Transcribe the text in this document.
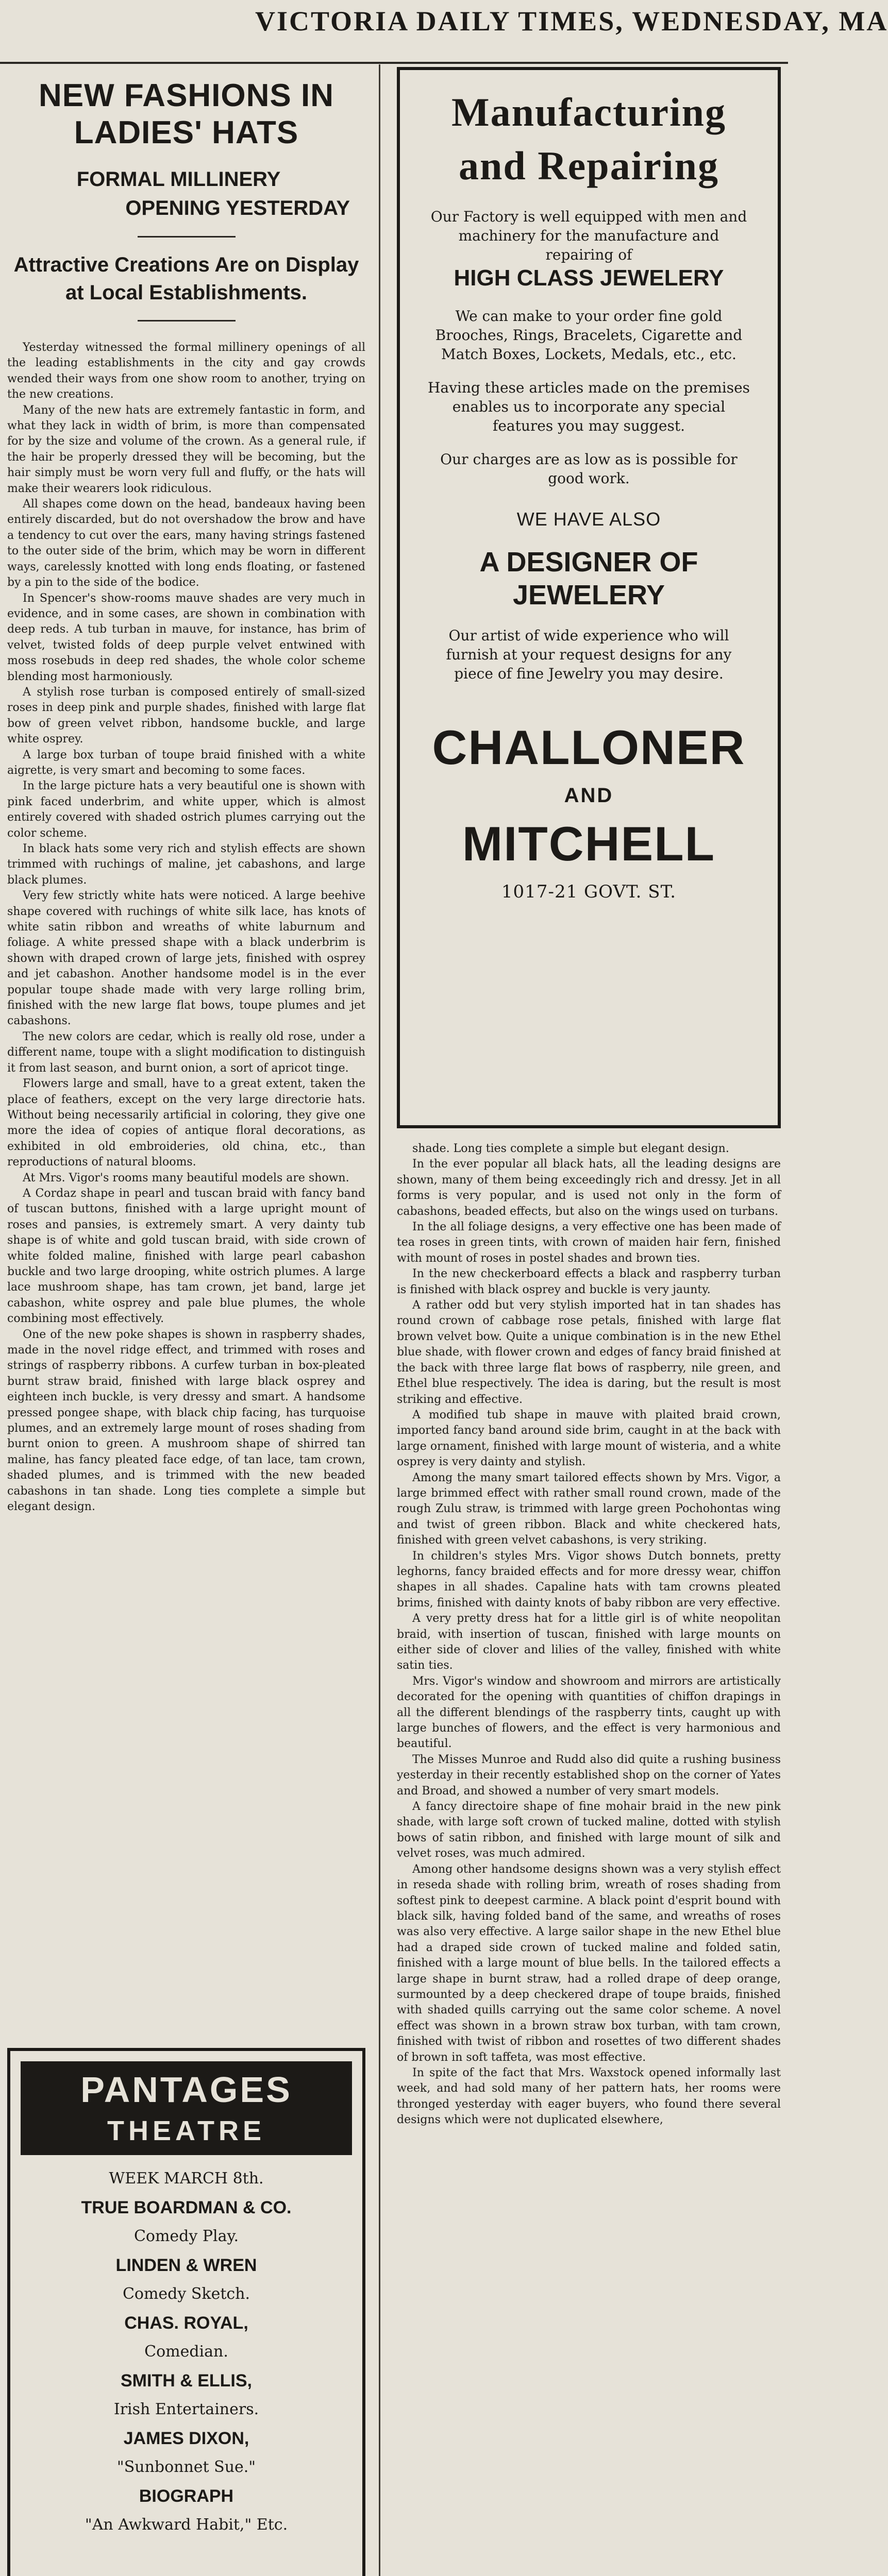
VICTORIA DAILY TIMES, WEDNESDAY, MA
NEW FASHIONS IN LADIES' HATS
FORMAL MILLINERY
OPENING YESTERDAY
Attractive Creations Are on Display at Local Establishments.

Yesterday witnessed the formal millinery openings of all the leading establishments in the city and gay crowds wended their ways from one show room to another, trying on the new creations.

Many of the new hats are extremely fantastic in form, and what they lack in width of brim, is more than compensated for by the size and volume of the crown. As a general rule, if the hair be properly dressed they will be becoming, but the hair simply must be worn very full and fluffy, or the hats will make their wearers look ridiculous.

All shapes come down on the head, bandeaux having been entirely discarded, but do not overshadow the brow and have a tendency to cut over the ears, many having strings fastened to the outer side of the brim, which may be worn in different ways, carelessly knotted with long ends floating, or fastened by a pin to the side of the bodice.

In Spencer's show-rooms mauve shades are very much in evidence, and in some cases, are shown in combination with deep reds. A tub turban in mauve, for instance, has brim of velvet, twisted folds of deep purple velvet entwined with moss rosebuds in deep red shades, the whole color scheme blending most harmoniously.

A stylish rose turban is composed entirely of small-sized roses in deep pink and purple shades, finished with large flat bow of green velvet ribbon, handsome buckle, and large white osprey.

A large box turban of toupe braid finished with a white aigrette, is very smart and becoming to some faces.

In the large picture hats a very beautiful one is shown with pink faced underbrim, and white upper, which is almost entirely covered with shaded ostrich plumes carrying out the color scheme.

In black hats some very rich and stylish effects are shown trimmed with ruchings of maline, jet cabashons, and large black plumes.

Very few strictly white hats were noticed. A large beehive shape covered with ruchings of white silk lace, has knots of white satin ribbon and wreaths of white laburnum and foliage. A white pressed shape with a black underbrim is shown with draped crown of large jets, finished with osprey and jet cabashon. Another handsome model is in the ever popular toupe shade made with very large rolling brim, finished with the new large flat bows, toupe plumes and jet cabashons.

The new colors are cedar, which is really old rose, under a different name, toupe with a slight modification to distinguish it from last season, and burnt onion, a sort of apricot tinge.

Flowers large and small, have to a great extent, taken the place of feathers, except on the very large directorie hats. Without being necessarily artificial in coloring, they give one more the idea of copies of antique floral decorations, as exhibited in old embroideries, old china, etc., than reproductions of natural blooms.

At Mrs. Vigor's rooms many beautiful models are shown.

A Cordaz shape in pearl and tuscan braid with fancy band of tuscan buttons, finished with a large upright mount of roses and pansies, is extremely smart. A very dainty tub shape is of white and gold tuscan braid, with side crown of white folded maline, finished with large pearl cabashon buckle and two large drooping, white ostrich plumes. A large lace mushroom shape, has tam crown, jet band, large jet cabashon, white osprey and pale blue plumes, the whole combining most effectively.

One of the new poke shapes is shown in raspberry shades, made in the novel ridge effect, and trimmed with roses and strings of raspberry ribbons. A curfew turban in box-pleated burnt straw braid, finished with large black osprey and eighteen inch buckle, is very dressy and smart. A handsome pressed pongee shape, with black chip facing, has turquoise plumes, and an extremely large mount of roses shading from burnt onion to green. A mushroom shape of shirred tan maline, has fancy pleated face edge, of tan lace, tam crown, shaded plumes, and is trimmed with the new beaded cabashons in tan shade. Long ties complete a simple but elegant design.

PANTAGES
THEATRE
WEEK MARCH 8th.
TRUE BOARDMAN & CO.
Comedy Play.
LINDEN & WREN
Comedy Sketch.
CHAS. ROYAL,
Comedian.
SMITH & ELLIS,
Irish Entertainers.
JAMES DIXON,
"Sunbonnet Sue."
BIOGRAPH
"An Awkward Habit," Etc.
Manufacturing
and Repairing
Our Factory is well equipped with men and machinery for the manufacture and repairing of
HIGH CLASS JEWELERY
We can make to your order fine gold Brooches, Rings, Bracelets, Cigarette and Match Boxes, Lockets, Medals, etc., etc.
Having these articles made on the premises enables us to incorporate any special features you may suggest.
Our charges are as low as is possible for good work.
WE HAVE ALSO
A DESIGNER OF
JEWELERY
Our artist of wide experience who will furnish at your request designs for any piece of fine Jewelry you may desire.
CHALLONER
AND
MITCHELL
1017-21 GOVT. ST.

shade. Long ties complete a simple but elegant design.

In the ever popular all black hats, all the leading designs are shown, many of them being exceedingly rich and dressy. Jet in all forms is very popular, and is used not only in the form of cabashons, beaded effects, but also on the wings used on turbans.

In the all foliage designs, a very effective one has been made of tea roses in green tints, with crown of maiden hair fern, finished with mount of roses in postel shades and brown ties.

In the new checkerboard effects a black and raspberry turban is finished with black osprey and buckle is very jaunty.

A rather odd but very stylish imported hat in tan shades has round crown of cabbage rose petals, finished with large flat brown velvet bow. Quite a unique combination is in the new Ethel blue shade, with flower crown and edges of fancy braid finished at the back with three large flat bows of raspberry, nile green, and Ethel blue respectively. The idea is daring, but the result is most striking and effective.

A modified tub shape in mauve with plaited braid crown, imported fancy band around side brim, caught in at the back with large ornament, finished with large mount of wisteria, and a white osprey is very dainty and stylish.

Among the many smart tailored effects shown by Mrs. Vigor, a large brimmed effect with rather small round crown, made of the rough Zulu straw, is trimmed with large green Pochohontas wing and twist of green ribbon. Black and white checkered hats, finished with green velvet cabashons, is very striking.

In children's styles Mrs. Vigor shows Dutch bonnets, pretty leghorns, fancy braided effects and for more dressy wear, chiffon shapes in all shades. Capaline hats with tam crowns pleated brims, finished with dainty knots of baby ribbon are very effective.

A very pretty dress hat for a little girl is of white neopolitan braid, with insertion of tuscan, finished with large mounts on either side of clover and lilies of the valley, finished with white satin ties.

Mrs. Vigor's window and showroom and mirrors are artistically decorated for the opening with quantities of chiffon drapings in all the different blendings of the raspberry tints, caught up with large bunches of flowers, and the effect is very harmonious and beautiful.

The Misses Munroe and Rudd also did quite a rushing business yesterday in their recently established shop on the corner of Yates and Broad, and showed a number of very smart models.

A fancy directoire shape of fine mohair braid in the new pink shade, with large soft crown of tucked maline, dotted with stylish bows of satin ribbon, and finished with large mount of silk and velvet roses, was much admired.

Among other handsome designs shown was a very stylish effect in reseda shade with rolling brim, wreath of roses shading from softest pink to deepest carmine. A black point d'esprit bound with black silk, having folded band of the same, and wreaths of roses was also very effective. A large sailor shape in the new Ethel blue had a draped side crown of tucked maline and folded satin, finished with a large mount of blue bells. In the tailored effects a large shape in burnt straw, had a rolled drape of deep orange, surmounted by a deep checkered drape of toupe braids, finished with shaded quills carrying out the same color scheme. A novel effect was shown in a brown straw box turban, with tam crown, finished with twist of ribbon and rosettes of two different shades of brown in soft taffeta, was most effective.

In spite of the fact that Mrs. Waxstock opened informally last week, and had sold many of her pattern hats, her rooms were thronged yesterday with eager buyers, who found there several designs which were not duplicated elsewhere,
